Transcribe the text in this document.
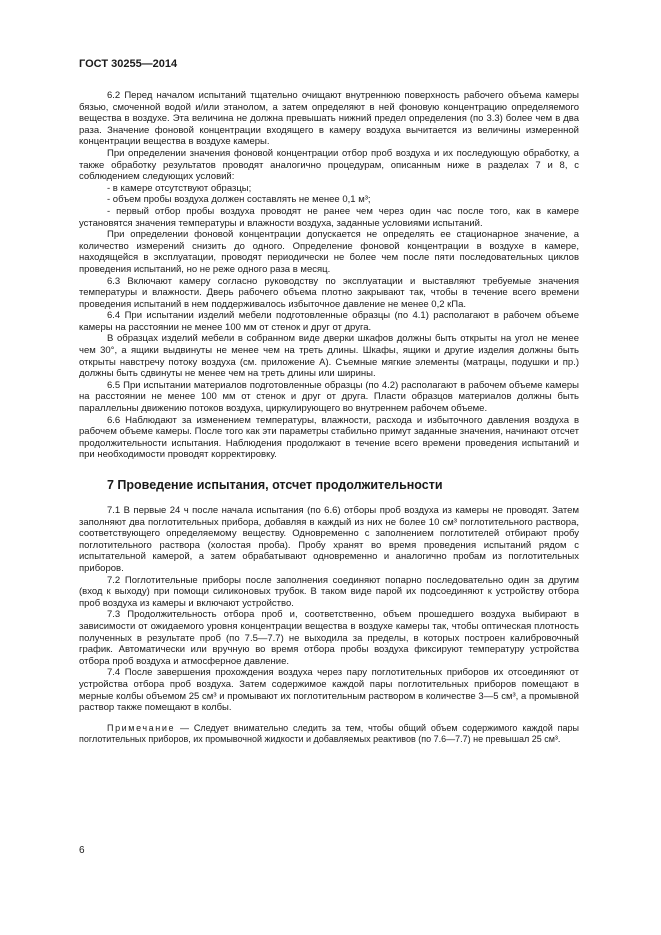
ГОСТ 30255—2014

6.2 Перед началом испытаний тщательно очищают внутреннюю поверхность рабочего объема камеры бязью, смоченной водой и/или этанолом, а затем определяют в ней фоновую концентрацию определяемого вещества в воздухе. Эта величина не должна превышать нижний предел определения (по 3.3) более чем в два раза. Значение фоновой концентрации входящего в камеру воздуха вычитается из величины измеренной концентрации вещества в воздухе камеры.

При определении значения фоновой концентрации отбор проб воздуха и их последующую обработку, а также обработку результатов проводят аналогично процедурам, описанным ниже в разделах 7 и 8, с соблюдением следующих условий:

- в камере отсутствуют образцы;

- объем пробы воздуха должен составлять не менее 0,1 м³;

- первый отбор пробы воздуха проводят не ранее чем через один час после того, как в камере установятся значения температуры и влажности воздуха, заданные условиями испытаний.

При определении фоновой концентрации допускается не определять ее стационарное значение, а количество измерений снизить до одного. Определение фоновой концентрации в воздухе в камере, находящейся в эксплуатации, проводят периодически не более чем после пяти последовательных циклов проведения испытаний, но не реже одного раза в месяц.

6.3 Включают камеру согласно руководству по эксплуатации и выставляют требуемые значения температуры и влажности. Дверь рабочего объема плотно закрывают так, чтобы в течение всего времени проведения испытаний в нем поддерживалось избыточное давление не менее 0,2 кПа.

6.4 При испытании изделий мебели подготовленные образцы (по 4.1) располагают в рабочем объеме камеры на расстоянии не менее 100 мм от стенок и друг от друга.

В образцах изделий мебели в собранном виде дверки шкафов должны быть открыты на угол не менее чем 30°, а ящики выдвинуты не менее чем на треть длины. Шкафы, ящики и другие изделия должны быть открыты навстречу потоку воздуха (см. приложение А). Съемные мягкие элементы (матрацы, подушки и пр.) должны быть сдвинуты не менее чем на треть длины или ширины.

6.5 При испытании материалов подготовленные образцы (по 4.2) располагают в рабочем объеме камеры на расстоянии не менее 100 мм от стенок и друг от друга. Пласти образцов материалов должны быть параллельны движению потоков воздуха, циркулирующего во внутреннем рабочем объеме.

6.6 Наблюдают за изменением температуры, влажности, расхода и избыточного давления воздуха в рабочем объеме камеры. После того как эти параметры стабильно примут заданные значения, начинают отсчет продолжительности испытания. Наблюдения продолжают в течение всего времени проведения испытаний и при необходимости проводят корректировку.

7 Проведение испытания, отсчет продолжительности

7.1 В первые 24 ч после начала испытания (по 6.6) отборы проб воздуха из камеры не проводят. Затем заполняют два поглотительных прибора, добавляя в каждый из них не более 10 см³ поглотительного раствора, соответствующего определяемому веществу. Одновременно с заполнением поглотителей отбирают пробу поглотительного раствора (холостая проба). Пробу хранят во время проведения испытаний рядом с испытательной камерой, а затем обрабатывают одновременно и аналогично пробам из поглотительных приборов.

7.2 Поглотительные приборы после заполнения соединяют попарно последовательно один за другим (вход к выходу) при помощи силиконовых трубок. В таком виде парой их подсоединяют к устройству отбора проб воздуха из камеры и включают устройство.

7.3 Продолжительность отбора проб и, соответственно, объем прошедшего воздуха выбирают в зависимости от ожидаемого уровня концентрации вещества в воздухе камеры так, чтобы оптическая плотность полученных в результате проб (по 7.5—7.7) не выходила за пределы, в которых построен калибровочный график. Автоматически или вручную во время отбора пробы воздуха фиксируют температуру устройства отбора проб воздуха и атмосферное давление.

7.4 После завершения прохождения воздуха через пару поглотительных приборов их отсоединяют от устройства отбора проб воздуха. Затем содержимое каждой пары поглотительных приборов помещают в мерные колбы объемом 25 см³ и промывают их поглотительным раствором в количестве 3—5 см³, а промывной раствор также помещают в колбы.

Примечание — Следует внимательно следить за тем, чтобы общий объем содержимого каждой пары поглотительных приборов, их промывочной жидкости и добавляемых реактивов (по 7.6—7.7) не превышал 25 см³.

6
